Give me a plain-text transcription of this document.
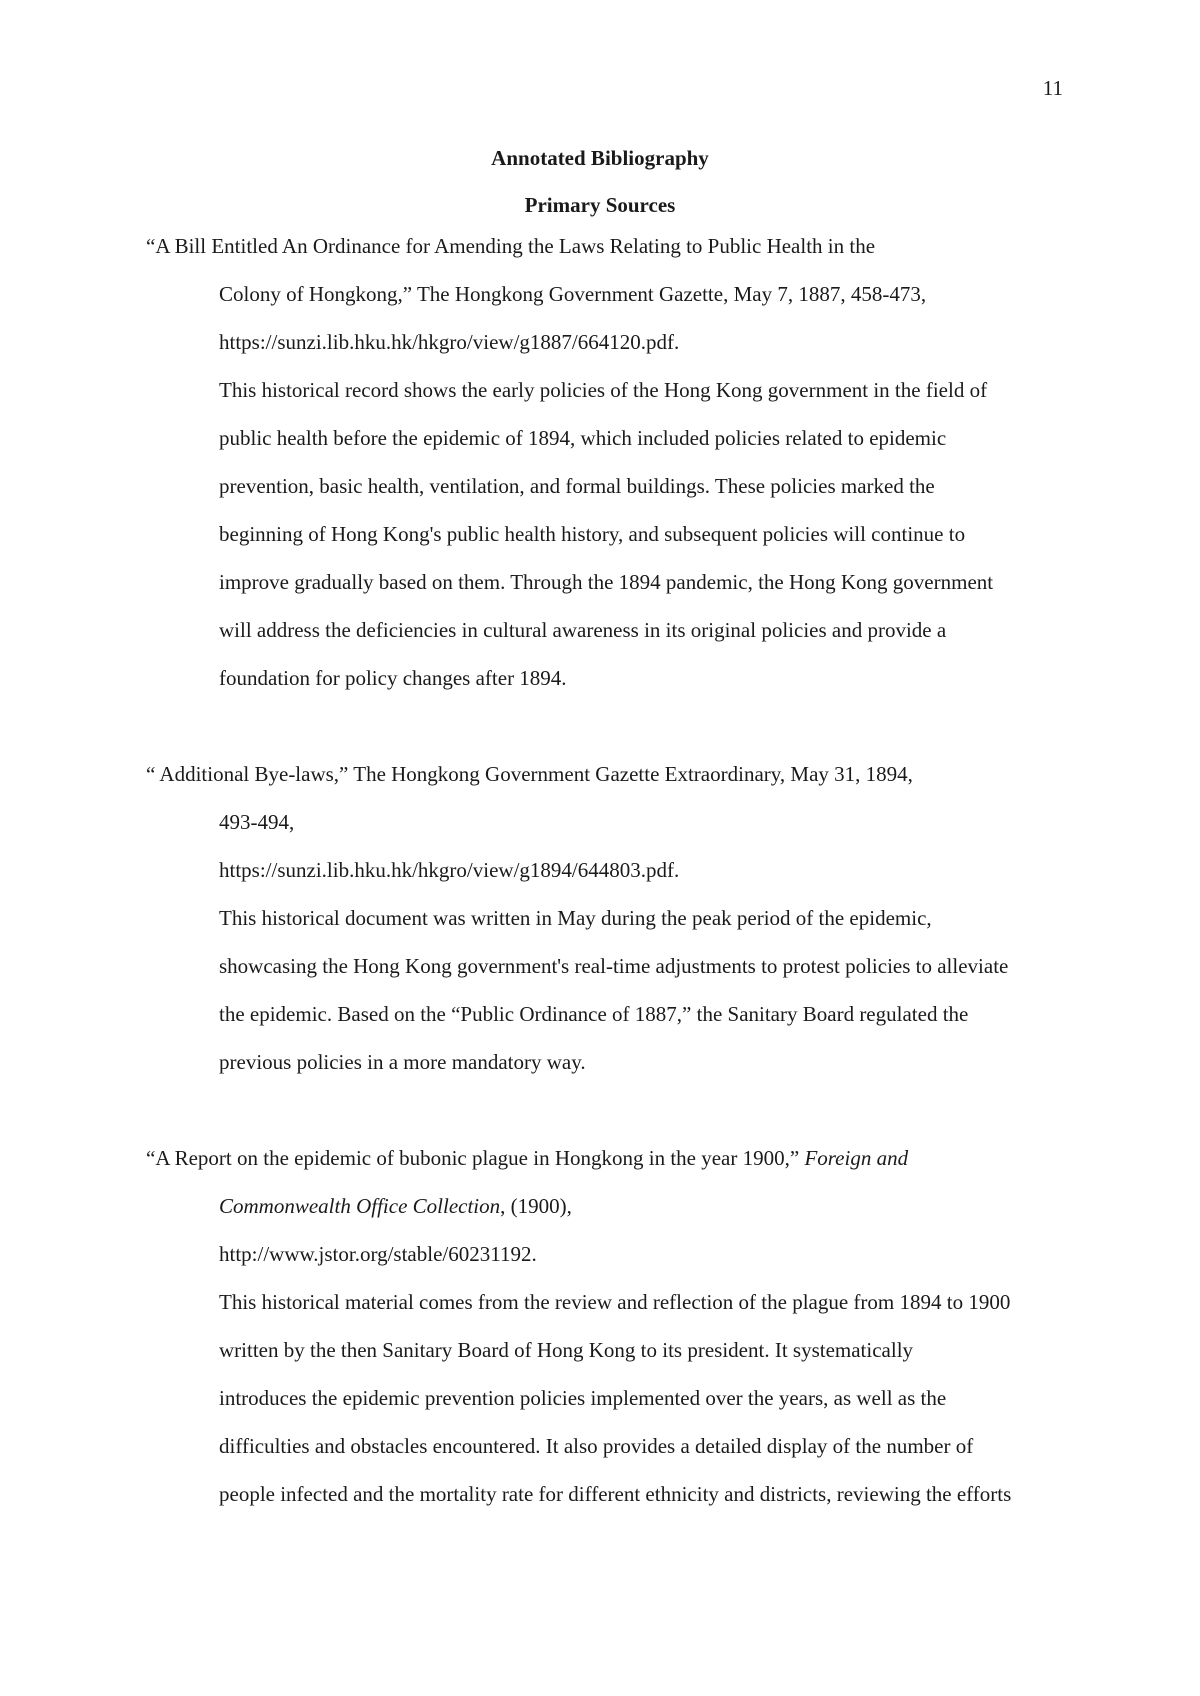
11
Annotated Bibliography
Primary Sources
“A Bill Entitled An Ordinance for Amending the Laws Relating to Public Health in the
Colony of Hongkong,” The Hongkong Government Gazette, May 7, 1887, 458-473,
https://sunzi.lib.hku.hk/hkgro/view/g1887/664120.pdf.
This historical record shows the early policies of the Hong Kong government in the field of
public health before the epidemic of 1894, which included policies related to epidemic
prevention, basic health, ventilation, and formal buildings. These policies marked the
beginning of Hong Kong's public health history, and subsequent policies will continue to
improve gradually based on them. Through the 1894 pandemic, the Hong Kong government
will address the deficiencies in cultural awareness in its original policies and provide a
foundation for policy changes after 1894.
“ Additional Bye-laws,” The Hongkong Government Gazette Extraordinary, May 31, 1894,
493-494,
https://sunzi.lib.hku.hk/hkgro/view/g1894/644803.pdf.
This historical document was written in May during the peak period of the epidemic,
showcasing the Hong Kong government's real-time adjustments to protest policies to alleviate
the epidemic. Based on the “Public Ordinance of 1887,” the Sanitary Board regulated the
previous policies in a more mandatory way.
“A Report on the epidemic of bubonic plague in Hongkong in the year 1900,” Foreign and
Commonwealth Office Collection, (1900),
http://www.jstor.org/stable/60231192.
This historical material comes from the review and reflection of the plague from 1894 to 1900
written by the then Sanitary Board of Hong Kong to its president. It systematically
introduces the epidemic prevention policies implemented over the years, as well as the
difficulties and obstacles encountered. It also provides a detailed display of the number of
people infected and the mortality rate for different ethnicity and districts, reviewing the efforts
